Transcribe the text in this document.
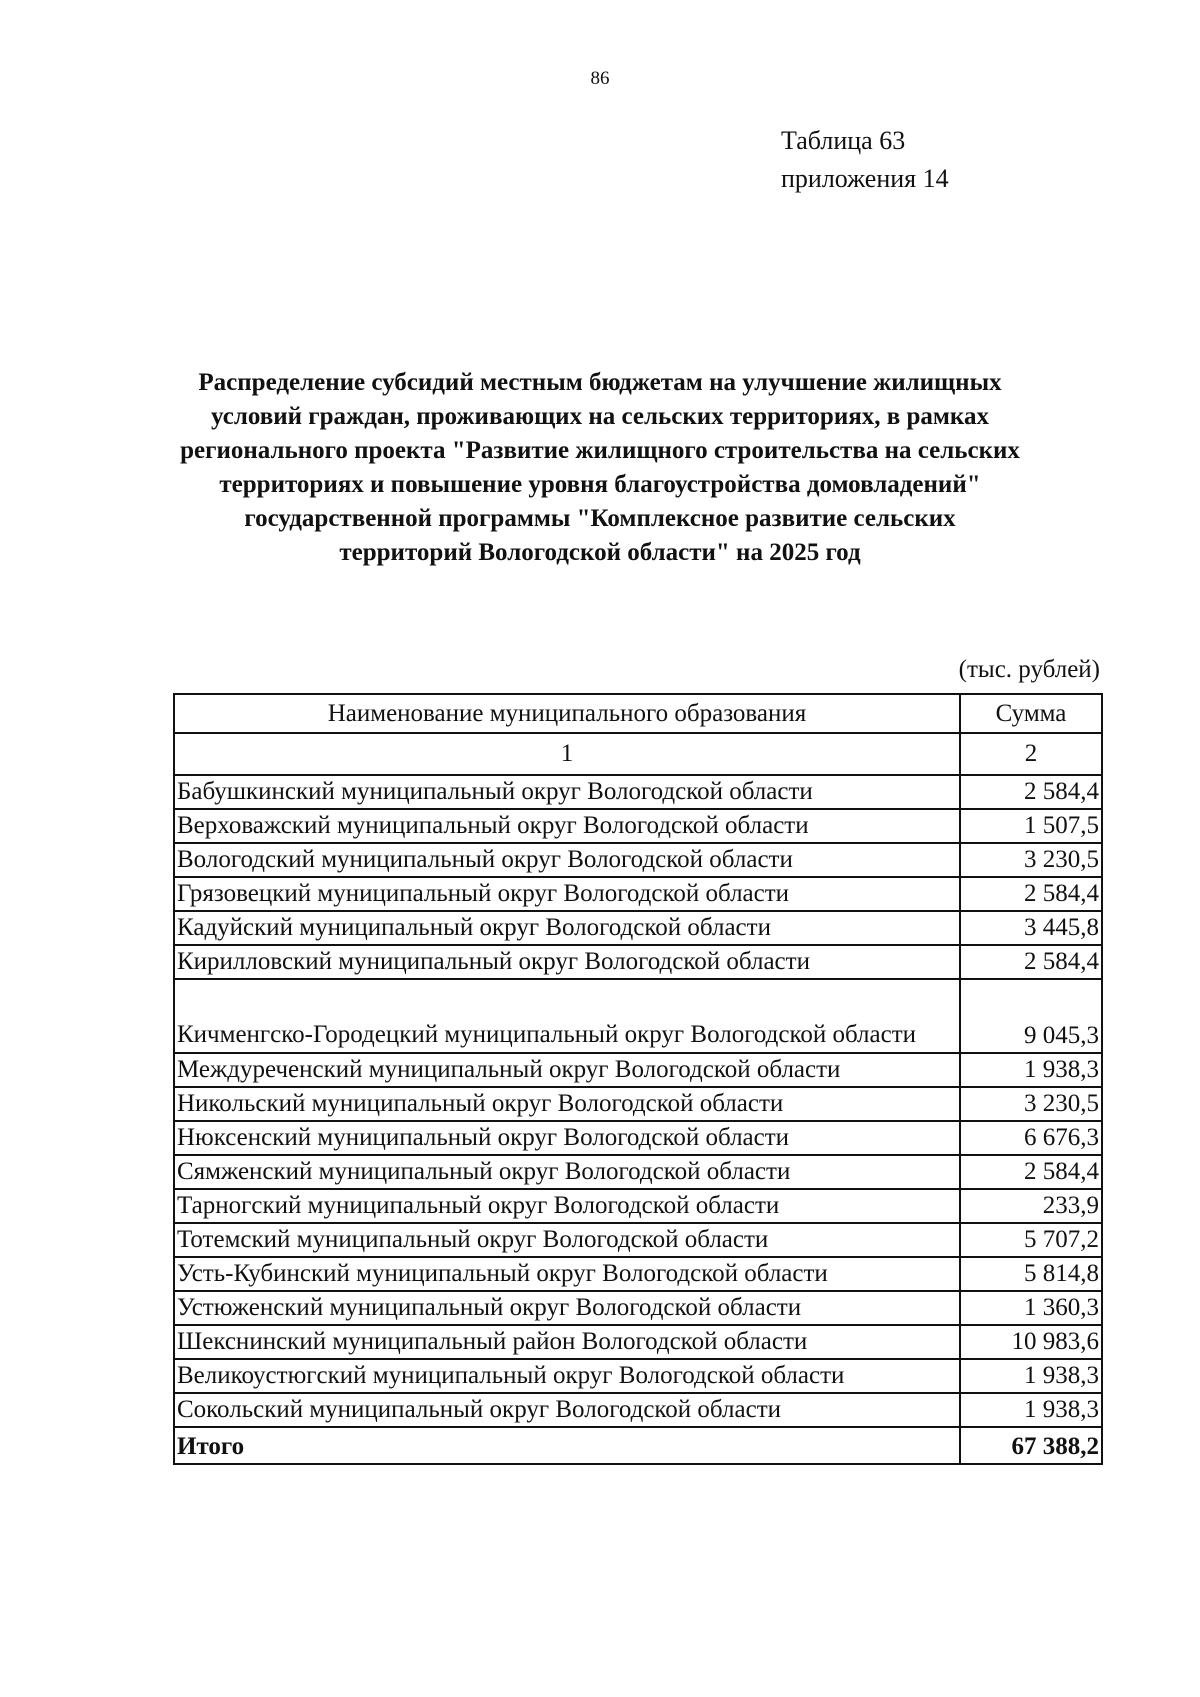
86
Таблица 63
приложения 14
Распределение субсидий местным бюджетам на улучшение жилищных
условий граждан, проживающих на сельских территориях, в рамках
регионального проекта "Развитие жилищного строительства на сельских
территориях и повышение уровня благоустройства домовладений"
государственной программы "Комплексное развитие сельских
территорий Вологодской области" на 2025 год
(тыс. рублей)
Наименование муниципального образования	Сумма
1	2
Бабушкинский муниципальный округ Вологодской области	2 584,4
Верховажский муниципальный округ Вологодской области	1 507,5
Вологодский муниципальный округ Вологодской области	3 230,5
Грязовецкий муниципальный округ Вологодской области	2 584,4
Кадуйский муниципальный округ Вологодской области	3 445,8
Кирилловский муниципальный округ Вологодской области	2 584,4
Кичменгско-Городецкий муниципальный округ Вологодской области	9 045,3
Междуреченский муниципальный округ Вологодской области	1 938,3
Никольский муниципальный округ Вологодской области	3 230,5
Нюксенский муниципальный округ Вологодской области	6 676,3
Сямженский муниципальный округ Вологодской области	2 584,4
Тарногский муниципальный округ Вологодской области	233,9
Тотемский муниципальный округ Вологодской области	5 707,2
Усть-Кубинский муниципальный округ Вологодской области	5 814,8
Устюженский муниципальный округ Вологодской области	1 360,3
Шекснинский муниципальный район Вологодской области	10 983,6
Великоустюгский муниципальный округ Вологодской области	1 938,3
Сокольский муниципальный округ Вологодской области	1 938,3
Итого	67 388,2
